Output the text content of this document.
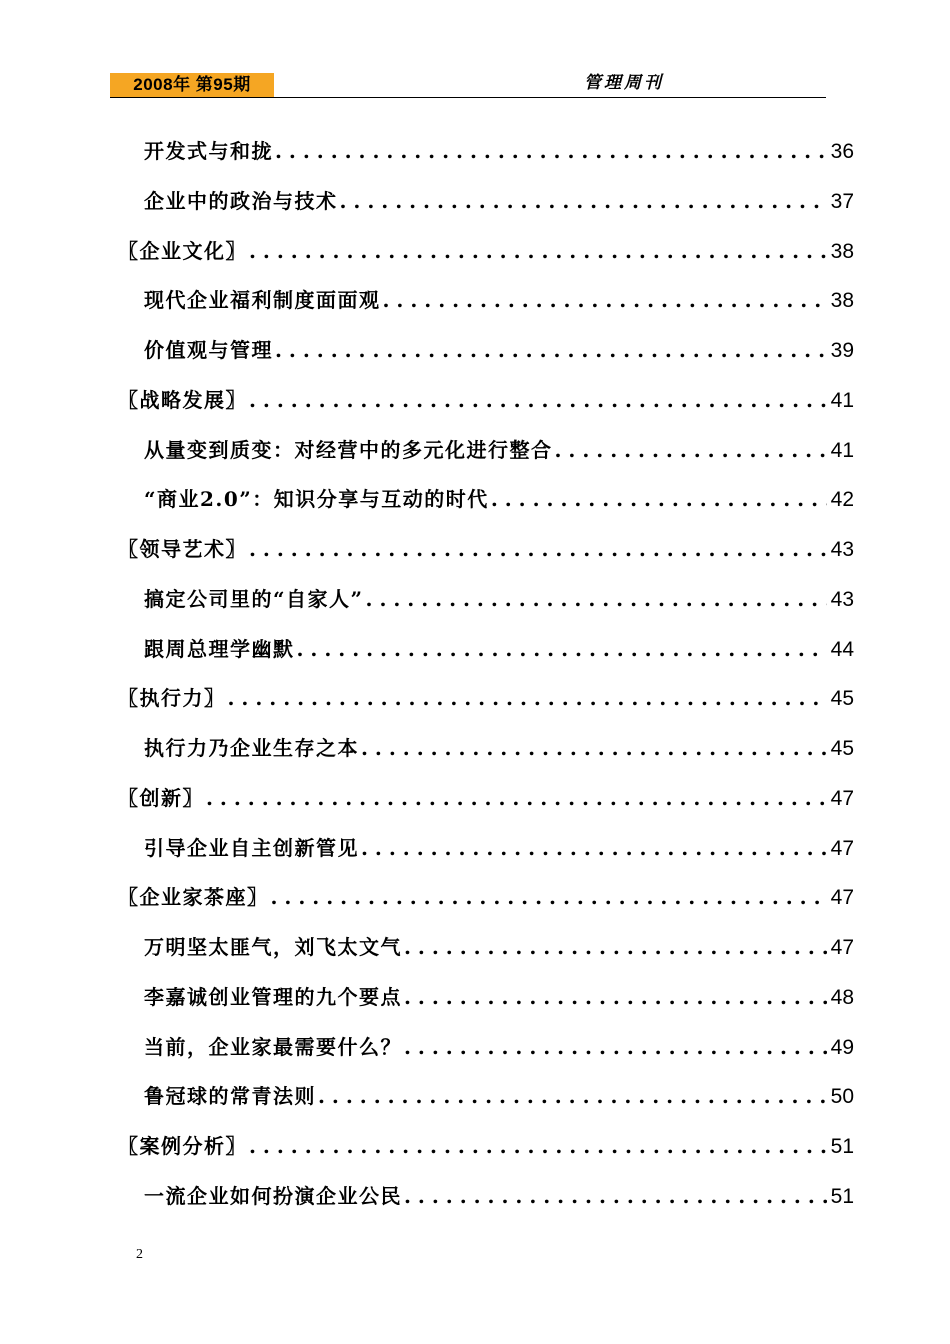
2008年 第95期	管理周刊
开发式与和拢 . . .	36
企业中的政治与技术 . . .	37
〖企业文化〗 . . .	38
现代企业福利制度面面观 . . .	38
价值观与管理 . . .	39
〖战略发展〗 . . .	41
从量变到质变：对经营中的多元化进行整合 . . .	41
“商业2.0”：知识分享与互动的时代 . . .	42
〖领导艺术〗 . . .	43
搞定公司里的“自家人” . . .	43
跟周总理学幽默 . . .	44
〖执行力〗 . . .	45
执行力乃企业生存之本 . . .	45
〖创新〗 . . .	47
引导企业自主创新管见 . . .	47
〖企业家茶座〗 . . .	47
万明坚太匪气，刘飞太文气 . . .	47
李嘉诚创业管理的九个要点 . . .	48
当前，企业家最需要什么？ . . .	49
鲁冠球的常青法则 . . .	50
〖案例分析〗 . . .	51
一流企业如何扮演企业公民 . . .	51
2
